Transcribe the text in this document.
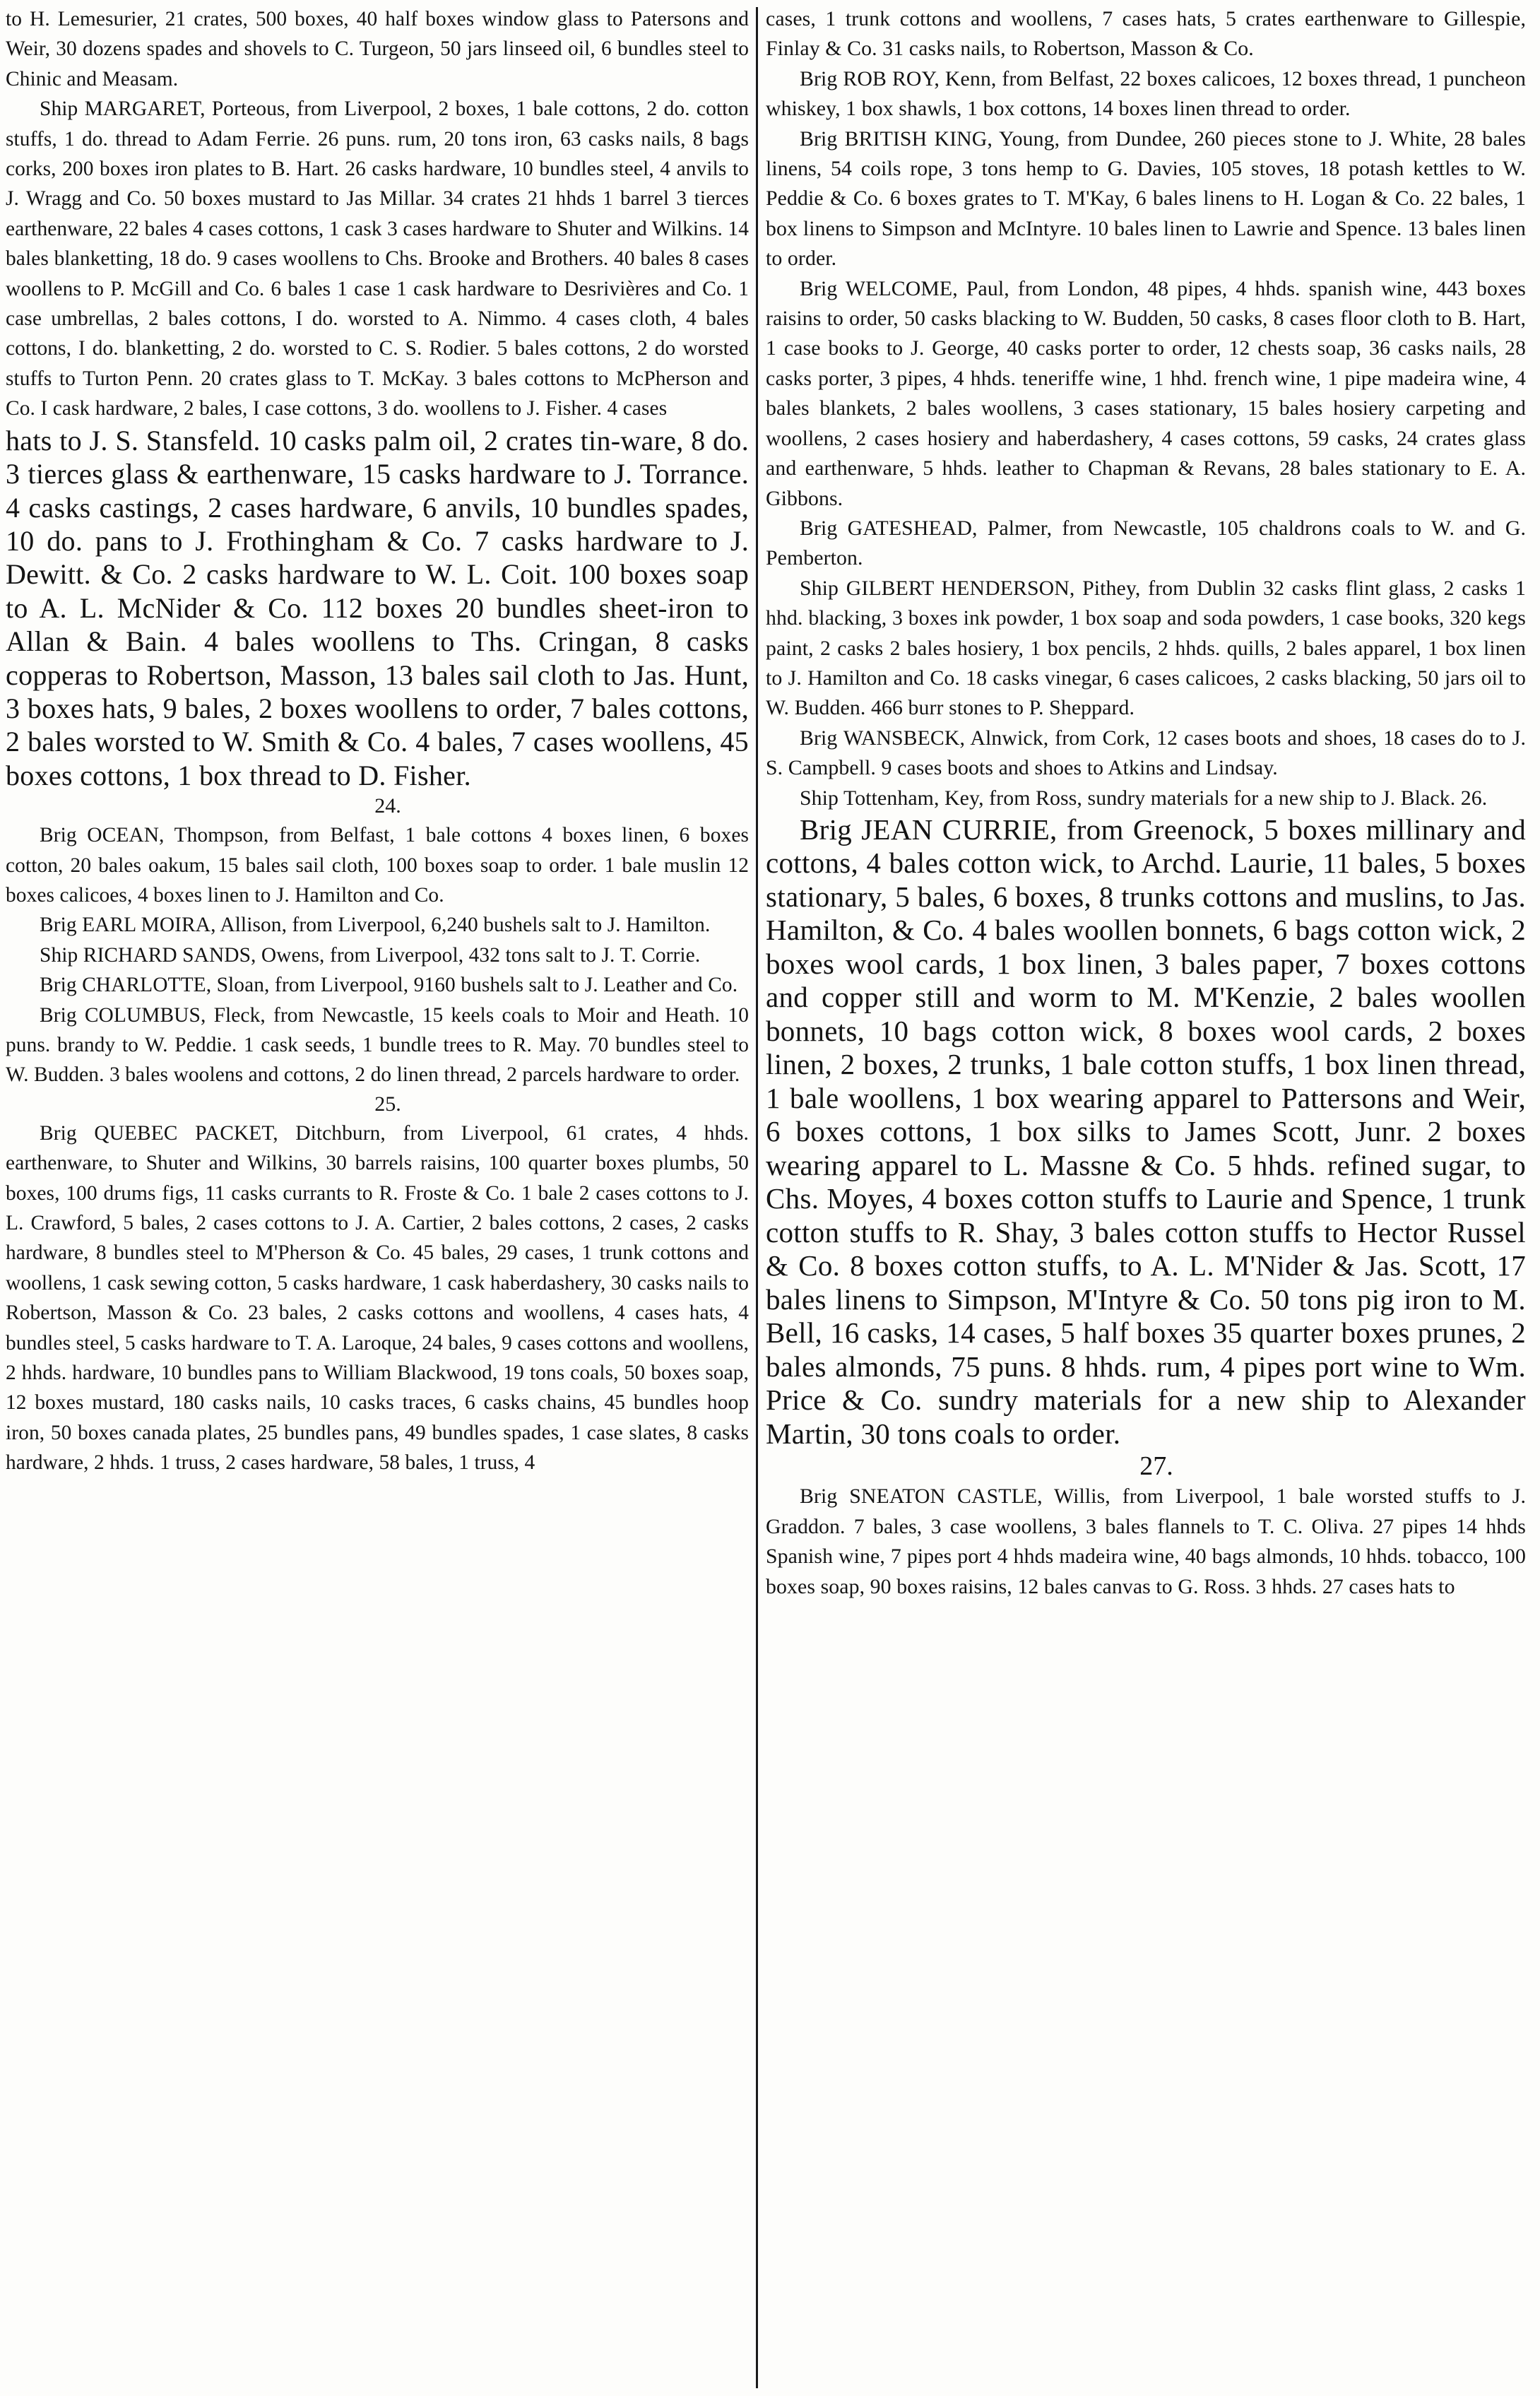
to H. Lemesurier, 21 crates, 500 boxes, 40 half boxes window glass to Patersons and Weir, 30 dozens spades and shovels to C. Turgeon, 50 jars linseed oil, 6 bundles steel to Chinic and Measam.

Ship MARGARET, Porteous, from Liverpool, 2 boxes, 1 bale cottons, 2 do. cotton stuffs, 1 do. thread to Adam Ferrie. 26 puns. rum, 20 tons iron, 63 casks nails, 8 bags corks, 200 boxes iron plates to B. Hart. 26 casks hardware, 10 bundles steel, 4 anvils to J. Wragg and Co. 50 boxes mustard to Jas Millar. 34 crates 21 hhds 1 barrel 3 tierces earthenware, 22 bales 4 cases cottons, 1 cask 3 cases hardware to Shuter and Wilkins. 14 bales blanketting, 18 do. 9 cases woollens to Chs. Brooke and Brothers. 40 bales 8 cases woollens to P. McGill and Co. 6 bales 1 case 1 cask hardware to Desrivières and Co. 1 case umbrellas, 2 bales cottons, I do. worsted to A. Nimmo. 4 cases cloth, 4 bales cottons, I do. blanketting, 2 do. worsted to C. S. Rodier. 5 bales cottons, 2 do worsted stuffs to Turton Penn. 20 crates glass to T. McKay. 3 bales cottons to McPherson and Co. I cask hardware, 2 bales, I case cottons, 3 do. woollens to J. Fisher. 4 cases

hats to J. S. Stansfeld. 10 casks palm oil, 2 crates tin-ware, 8 do. 3 tierces glass & earthenware, 15 casks hardware to J. Torrance. 4 casks castings, 2 cases hardware, 6 anvils, 10 bundles spades, 10 do. pans to J. Frothingham & Co. 7 casks hardware to J. Dewitt. & Co. 2 casks hardware to W. L. Coit. 100 boxes soap to A. L. McNider & Co. 112 boxes 20 bundles sheet-iron to Allan & Bain. 4 bales woollens to Ths. Cringan, 8 casks copperas to Robertson, Masson, 13 bales sail cloth to Jas. Hunt, 3 boxes hats, 9 bales, 2 boxes woollens to order, 7 bales cottons, 2 bales worsted to W. Smith & Co. 4 bales, 7 cases woollens, 45 boxes cottons, 1 box thread to D. Fisher.

24.

Brig OCEAN, Thompson, from Belfast, 1 bale cottons 4 boxes linen, 6 boxes cotton, 20 bales oakum, 15 bales sail cloth, 100 boxes soap to order. 1 bale muslin 12 boxes calicoes, 4 boxes linen to J. Hamilton and Co.

Brig EARL MOIRA, Allison, from Liverpool, 6,240 bushels salt to J. Hamilton.

Ship RICHARD SANDS, Owens, from Liverpool, 432 tons salt to J. T. Corrie.

Brig CHARLOTTE, Sloan, from Liverpool, 9160 bushels salt to J. Leather and Co.

Brig COLUMBUS, Fleck, from Newcastle, 15 keels coals to Moir and Heath. 10 puns. brandy to W. Peddie. 1 cask seeds, 1 bundle trees to R. May. 70 bundles steel to W. Budden. 3 bales woolens and cottons, 2 do linen thread, 2 parcels hardware to order.

25.

Brig QUEBEC PACKET, Ditchburn, from Liverpool, 61 crates, 4 hhds. earthenware, to Shuter and Wilkins, 30 barrels raisins, 100 quarter boxes plumbs, 50 boxes, 100 drums figs, 11 casks currants to R. Froste & Co. 1 bale 2 cases cottons to J. L. Crawford, 5 bales, 2 cases cottons to J. A. Cartier, 2 bales cottons, 2 cases, 2 casks hardware, 8 bundles steel to M'Pherson & Co. 45 bales, 29 cases, 1 trunk cottons and woollens, 1 cask sewing cotton, 5 casks hardware, 1 cask haberdashery, 30 casks nails to Robertson, Masson & Co. 23 bales, 2 casks cottons and woollens, 4 cases hats, 4 bundles steel, 5 casks hardware to T. A. Laroque, 24 bales, 9 cases cottons and woollens, 2 hhds. hardware, 10 bundles pans to William Blackwood, 19 tons coals, 50 boxes soap, 12 boxes mustard, 180 casks nails, 10 casks traces, 6 casks chains, 45 bundles hoop iron, 50 boxes canada plates, 25 bundles pans, 49 bundles spades, 1 case slates, 8 casks hardware, 2 hhds. 1 truss, 2 cases hardware, 58 bales, 1 truss, 4

cases, 1 trunk cottons and woollens, 7 cases hats, 5 crates earthenware to Gillespie, Finlay & Co. 31 casks nails, to Robertson, Masson & Co.

Brig ROB ROY, Kenn, from Belfast, 22 boxes calicoes, 12 boxes thread, 1 puncheon whiskey, 1 box shawls, 1 box cottons, 14 boxes linen thread to order.

Brig BRITISH KING, Young, from Dundee, 260 pieces stone to J. White, 28 bales linens, 54 coils rope, 3 tons hemp to G. Davies, 105 stoves, 18 potash kettles to W. Peddie & Co. 6 boxes grates to T. M'Kay, 6 bales linens to H. Logan & Co. 22 bales, 1 box linens to Simpson and McIntyre. 10 bales linen to Lawrie and Spence. 13 bales linen to order.

Brig WELCOME, Paul, from London, 48 pipes, 4 hhds. spanish wine, 443 boxes raisins to order, 50 casks blacking to W. Budden, 50 casks, 8 cases floor cloth to B. Hart, 1 case books to J. George, 40 casks porter to order, 12 chests soap, 36 casks nails, 28 casks porter, 3 pipes, 4 hhds. teneriffe wine, 1 hhd. french wine, 1 pipe madeira wine, 4 bales blankets, 2 bales woollens, 3 cases stationary, 15 bales hosiery carpeting and woollens, 2 cases hosiery and haberdashery, 4 cases cottons, 59 casks, 24 crates glass and earthenware, 5 hhds. leather to Chapman & Revans, 28 bales stationary to E. A. Gibbons.

Brig GATESHEAD, Palmer, from Newcastle, 105 chaldrons coals to W. and G. Pemberton.

Ship GILBERT HENDERSON, Pithey, from Dublin 32 casks flint glass, 2 casks 1 hhd. blacking, 3 boxes ink powder, 1 box soap and soda powders, 1 case books, 320 kegs paint, 2 casks 2 bales hosiery, 1 box pencils, 2 hhds. quills, 2 bales apparel, 1 box linen to J. Hamilton and Co. 18 casks vinegar, 6 cases calicoes, 2 casks blacking, 50 jars oil to W. Budden. 466 burr stones to P. Sheppard.

Brig WANSBECK, Alnwick, from Cork, 12 cases boots and shoes, 18 cases do to J. S. Campbell. 9 cases boots and shoes to Atkins and Lindsay.

Ship Tottenham, Key, from Ross, sundry materials for a new ship to J. Black. 26.

Brig JEAN CURRIE, from Greenock, 5 boxes millinary and cottons, 4 bales cotton wick, to Archd. Laurie, 11 bales, 5 boxes stationary, 5 bales, 6 boxes, 8 trunks cottons and muslins, to Jas. Hamilton, & Co. 4 bales woollen bonnets, 6 bags cotton wick, 2 boxes wool cards, 1 box linen, 3 bales paper, 7 boxes cottons and copper still and worm to M. M'Kenzie, 2 bales woollen bonnets, 10 bags cotton wick, 8 boxes wool cards, 2 boxes linen, 2 boxes, 2 trunks, 1 bale cotton stuffs, 1 box linen thread, 1 bale woollens, 1 box wearing apparel to Pattersons and Weir, 6 boxes cottons, 1 box silks to James Scott, Junr. 2 boxes wearing apparel to L. Massne & Co. 5 hhds. refined sugar, to Chs. Moyes, 4 boxes cotton stuffs to Laurie and Spence, 1 trunk cotton stuffs to R. Shay, 3 bales cotton stuffs to Hector Russel & Co. 8 boxes cotton stuffs, to A. L. M'Nider & Jas. Scott, 17 bales linens to Simpson, M'Intyre & Co. 50 tons pig iron to M. Bell, 16 casks, 14 cases, 5 half boxes 35 quarter boxes prunes, 2 bales almonds, 75 puns. 8 hhds. rum, 4 pipes port wine to Wm. Price & Co. sundry materials for a new ship to Alexander Martin, 30 tons coals to order.

27.

Brig SNEATON CASTLE, Willis, from Liverpool, 1 bale worsted stuffs to J. Graddon. 7 bales, 3 case woollens, 3 bales flannels to T. C. Oliva. 27 pipes 14 hhds Spanish wine, 7 pipes port 4 hhds madeira wine, 40 bags almonds, 10 hhds. tobacco, 100 boxes soap, 90 boxes raisins, 12 bales canvas to G. Ross. 3 hhds. 27 cases hats to
